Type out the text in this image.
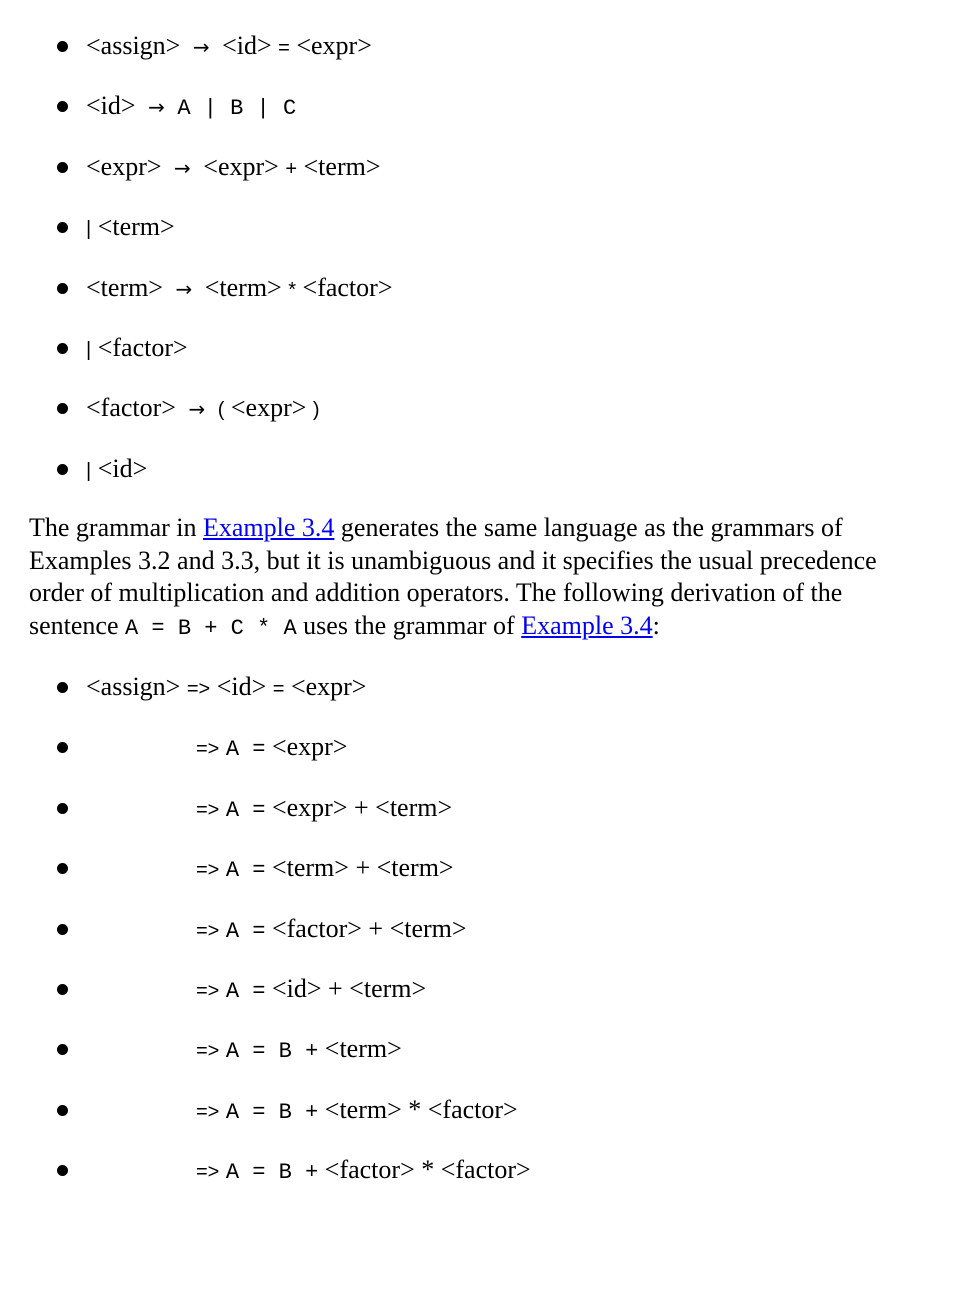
<assign> → <id> = <expr>
<id> → A | B | C
<expr> → <expr> + <term>
| <term>
<term> → <term> * <factor>
| <factor>
<factor> → ( <expr> )
| <id>

The grammar in Example 3.4 generates the same language as the grammars of Examples 3.2 and 3.3, but it is unambiguous and it specifies the usual precedence order of multiplication and addition operators. The following derivation of the sentence A = B + C * A uses the grammar of Example 3.4:

<assign> => <id> = <expr>
=> A = <expr>
=> A = <expr> + <term>
=> A = <term> + <term>
=> A = <factor> + <term>
=> A = <id> + <term>
=> A = B + <term>
=> A = B + <term> * <factor>
=> A = B + <factor> * <factor>
